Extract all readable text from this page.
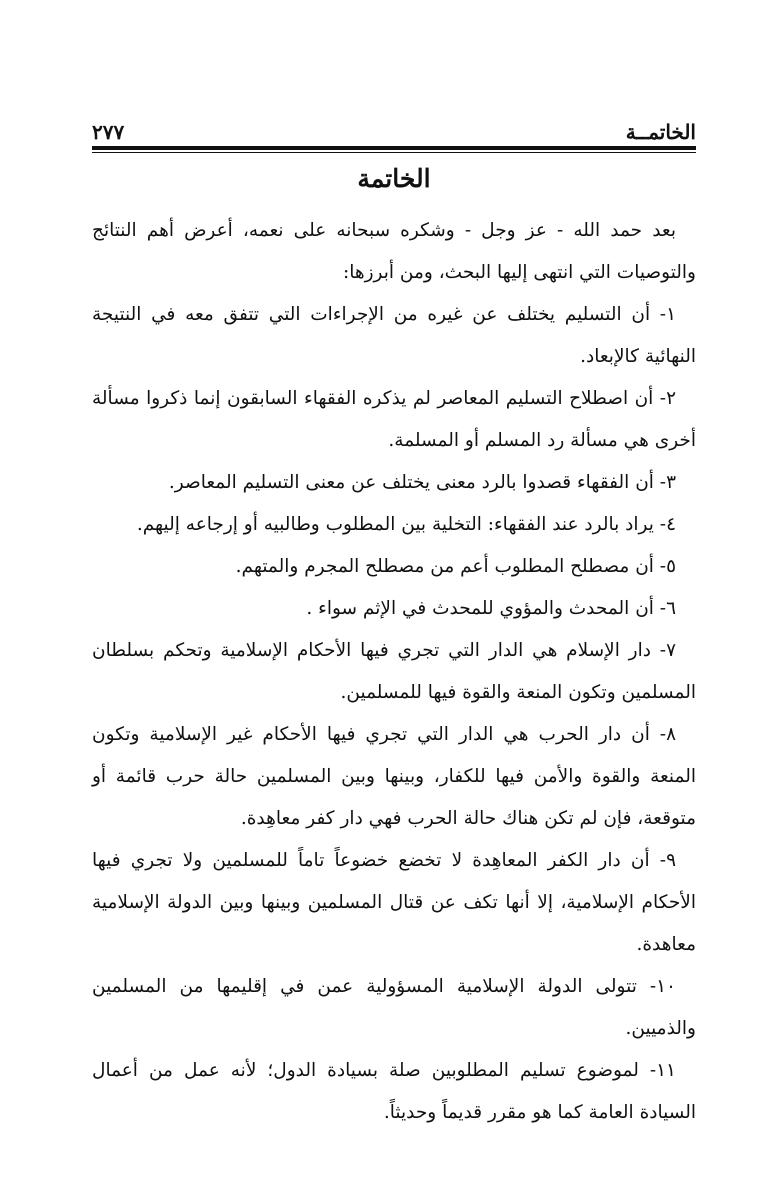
الخاتمــة
٢٧٧
الخاتمة

بعد حمد الله - عز وجل - وشكره سبحانه على نعمه، أعرض أهم النتائج والتوصيات التي انتهى إليها البحث، ومن أبرزها:

١- أن التسليم يختلف عن غيره من الإجراءات التي تتفق معه في النتيجة النهائية كالإبعاد.

٢- أن اصطلاح التسليم المعاصر لم يذكره الفقهاء السابقون إنما ذكروا مسألة أخرى هي مسألة رد المسلم أو المسلمة.

٣- أن الفقهاء قصدوا بالرد معنى يختلف عن معنى التسليم المعاصر.

٤- يراد بالرد عند الفقهاء: التخلية بين المطلوب وطالبيه أو إرجاعه إليهم.

٥- أن مصطلح المطلوب أعم من مصطلح المجرم والمتهم.

٦- أن المحدث والمؤوي للمحدث في الإثم سواء .

٧- دار الإسلام هي الدار التي تجري فيها الأحكام الإسلامية وتحكم بسلطان المسلمين وتكون المنعة والقوة فيها للمسلمين.

٨- أن دار الحرب هي الدار التي تجري فيها الأحكام غير الإسلامية وتكون المنعة والقوة والأمن فيها للكفار، وبينها وبين المسلمين حالة حرب قائمة أو متوقعة، فإن لم تكن هناك حالة الحرب فهي دار كفر معاهِدة.

٩- أن دار الكفر المعاهِدة لا تخضع خضوعاً تاماً للمسلمين ولا تجري فيها الأحكام الإسلامية، إلا أنها تكف عن قتال المسلمين وبينها وبين الدولة الإسلامية معاهدة.

١٠- تتولى الدولة الإسلامية المسؤولية عمن في إقليمها من المسلمين والذميين.

١١- لموضوع تسليم المطلوبين صلة بسيادة الدول؛ لأنه عمل من أعمال السيادة العامة كما هو مقرر قديماً وحديثاً.
